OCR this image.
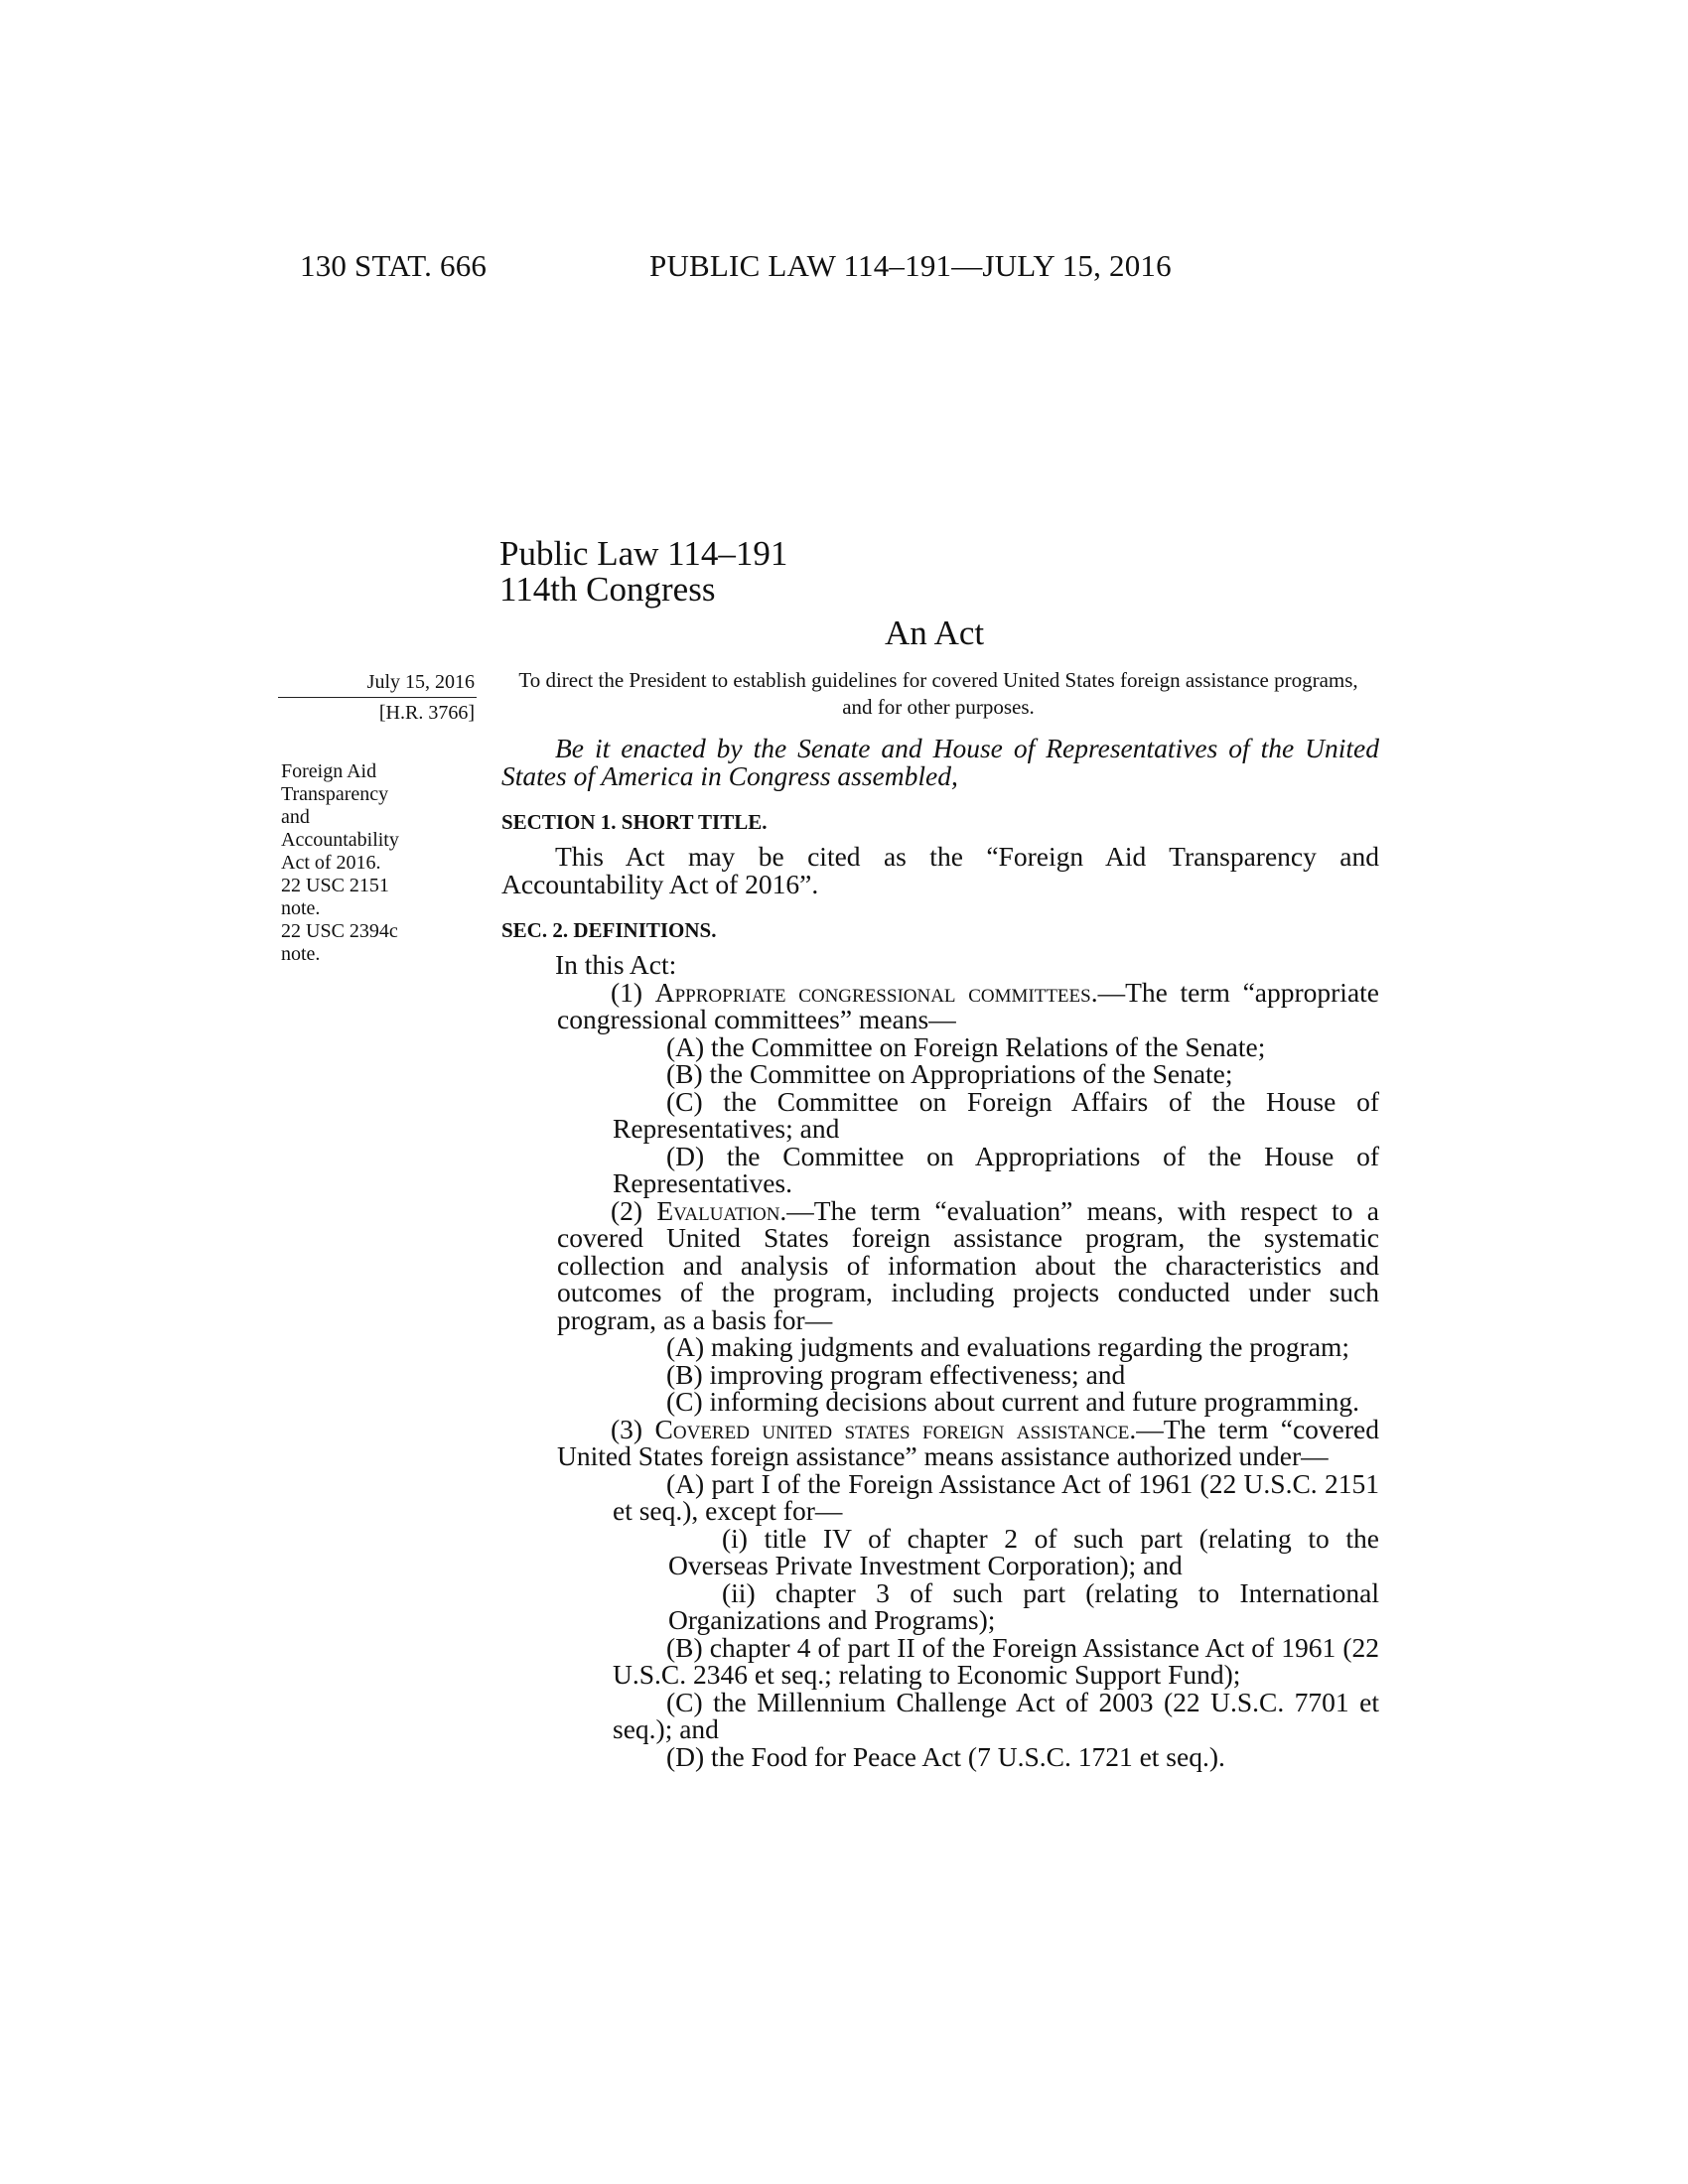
130 STAT. 666	PUBLIC LAW 114–191—JULY 15, 2016
Public Law 114–191
114th Congress
An Act
July 15, 2016
[H.R. 3766]
To direct the President to establish guidelines for covered United States foreign assistance programs, and for other purposes.
Foreign Aid
Transparency
and
Accountability
Act of 2016.
22 USC 2151
note.
22 USC 2394c
note.

Be it enacted by the Senate and House of Representatives of the United States of America in Congress assembled,

SECTION 1. SHORT TITLE.

This Act may be cited as the “Foreign Aid Transparency and Accountability Act of 2016”.

SEC. 2. DEFINITIONS.

In this Act:

(1) Appropriate congressional committees.—The term “appropriate congressional committees” means—

(A) the Committee on Foreign Relations of the Senate;

(B) the Committee on Appropriations of the Senate;

(C) the Committee on Foreign Affairs of the House of Representatives; and

(D) the Committee on Appropriations of the House of Representatives.

(2) Evaluation.—The term “evaluation” means, with respect to a covered United States foreign assistance program, the systematic collection and analysis of information about the characteristics and outcomes of the program, including projects conducted under such program, as a basis for—

(A) making judgments and evaluations regarding the program;

(B) improving program effectiveness; and

(C) informing decisions about current and future programming.

(3) Covered united states foreign assistance.—The term “covered United States foreign assistance” means assistance authorized under—

(A) part I of the Foreign Assistance Act of 1961 (22 U.S.C. 2151 et seq.), except for—

(i) title IV of chapter 2 of such part (relating to the Overseas Private Investment Corporation); and

(ii) chapter 3 of such part (relating to International Organizations and Programs);

(B) chapter 4 of part II of the Foreign Assistance Act of 1961 (22 U.S.C. 2346 et seq.; relating to Economic Support Fund);

(C) the Millennium Challenge Act of 2003 (22 U.S.C. 7701 et seq.); and

(D) the Food for Peace Act (7 U.S.C. 1721 et seq.).
